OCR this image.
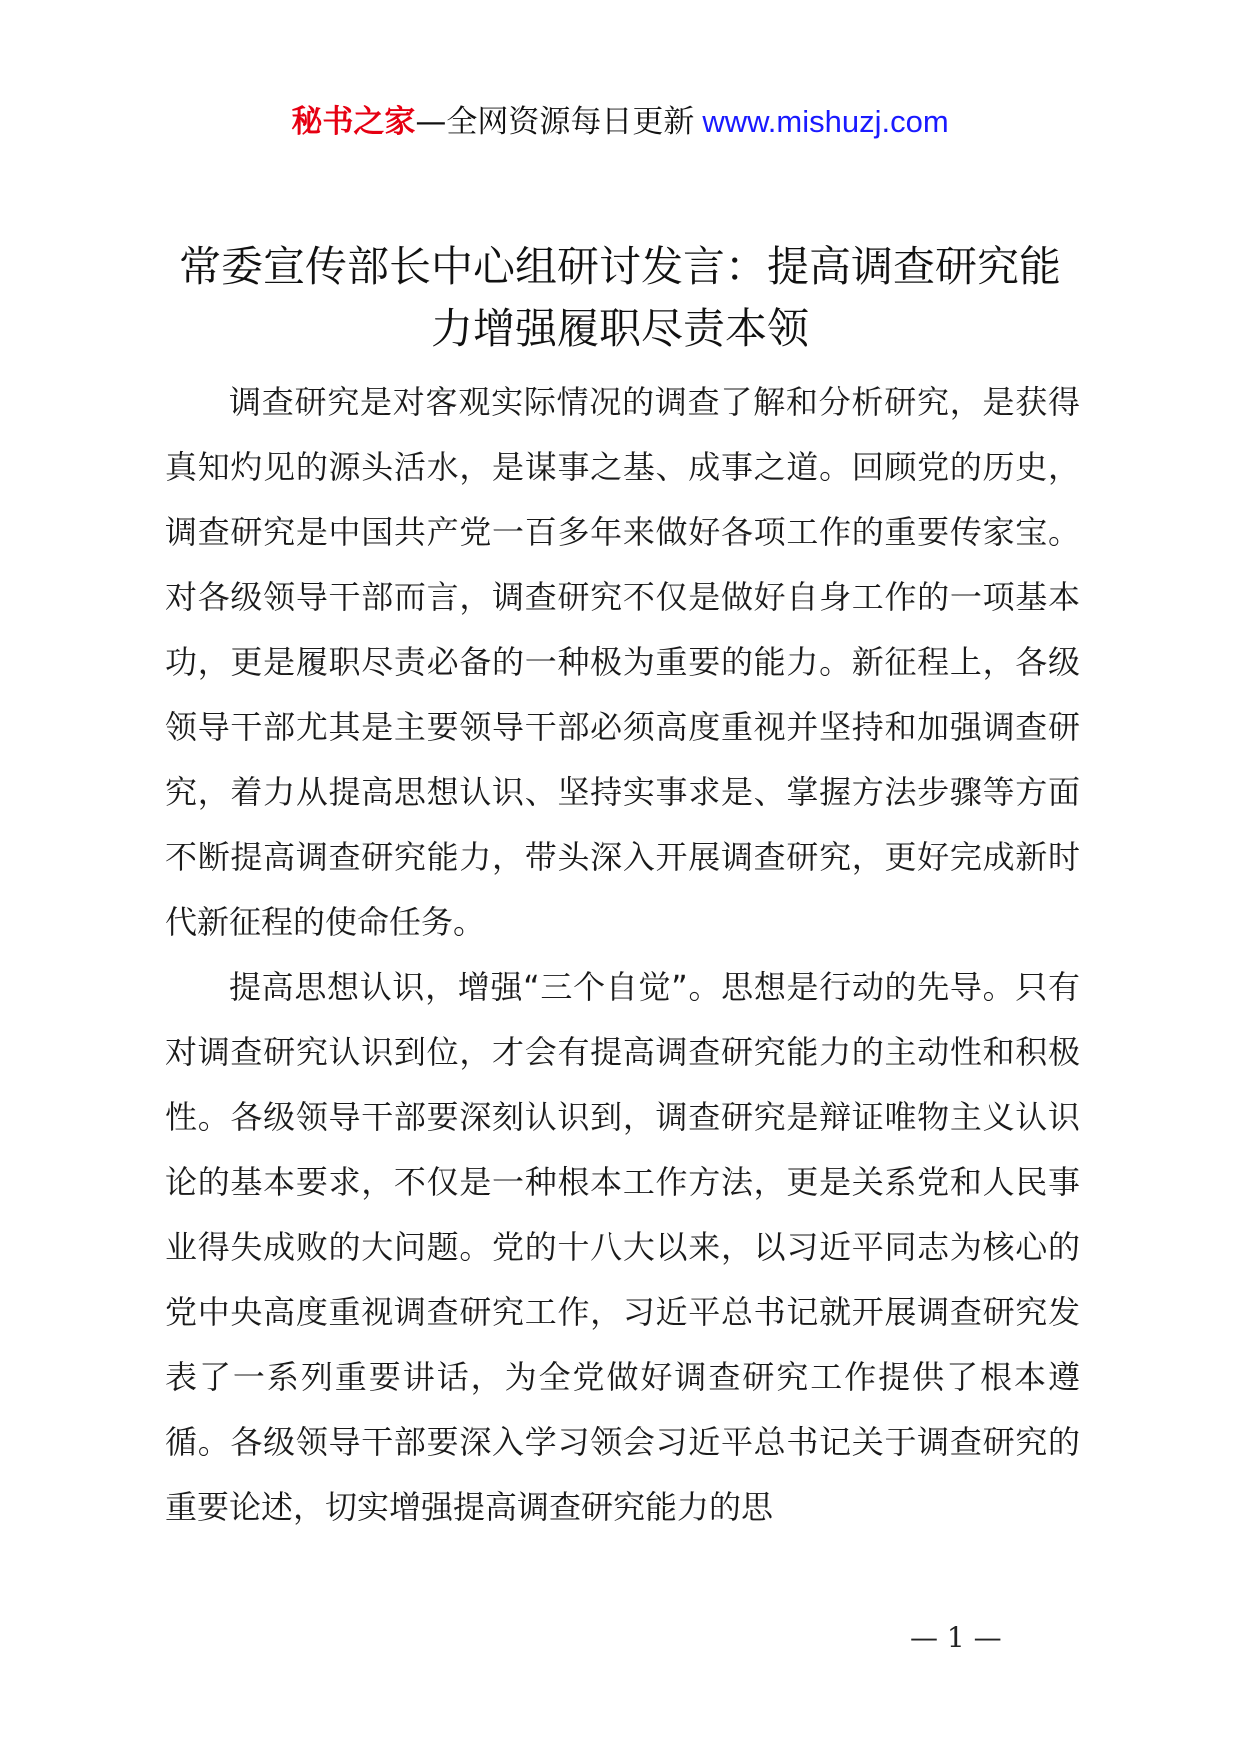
秘书之家—全网资源每日更新 www.mishuzj.com
常委宣传部长中心组研讨发言：提高调查研究能力增强履职尽责本领

调查研究是对客观实际情况的调查了解和分析研究，是获得真知灼见的源头活水，是谋事之基、成事之道。回顾党的历史，调查研究是中国共产党一百多年来做好各项工作的重要传家宝。对各级领导干部而言，调查研究不仅是做好自身工作的一项基本功，更是履职尽责必备的一种极为重要的能力。新征程上，各级领导干部尤其是主要领导干部必须高度重视并坚持和加强调查研究，着力从提高思想认识、坚持实事求是、掌握方法步骤等方面不断提高调查研究能力，带头深入开展调查研究，更好完成新时代新征程的使命任务。

提高思想认识，增强“三个自觉”。思想是行动的先导。只有对调查研究认识到位，才会有提高调查研究能力的主动性和积极性。各级领导干部要深刻认识到，调查研究是辩证唯物主义认识论的基本要求，不仅是一种根本工作方法，更是关系党和人民事业得失成败的大问题。党的十八大以来，以习近平同志为核心的党中央高度重视调查研究工作，习近平总书记就开展调查研究发表了一系列重要讲话，为全党做好调查研究工作提供了根本遵循。各级领导干部要深入学习领会习近平总书记关于调查研究的重要论述，切实增强提高调查研究能力的思

— 1 —
